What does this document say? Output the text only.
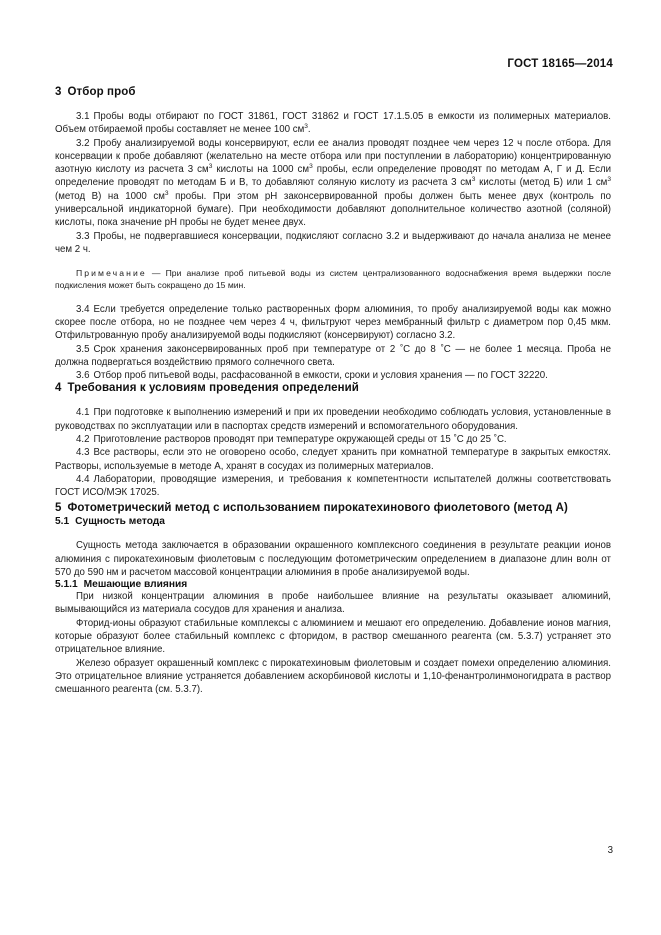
ГОСТ 18165—2014
3 Отбор проб

3.1 Пробы воды отбирают по ГОСТ 31861, ГОСТ 31862 и ГОСТ 17.1.5.05 в емкости из полимерных материалов. Объем отбираемой пробы составляет не менее 100 $см^3$.

3.2 Пробу анализируемой воды консервируют, если ее анализ проводят позднее чем через 12 ч после отбора. Для консервации к пробе добавляют (желательно на месте отбора или при поступлении в лабораторию) концентрированную азотную кислоту из расчета 3 $см^3$ кислоты на 1000 $см^3$ пробы, если определение проводят по методам А, Г и Д. Если определение проводят по методам Б и В, то добавляют соляную кислоту из расчета 3 $см^3$ кислоты (метод Б) или 1 $см^3$ (метод В) на 1000 $см^3$ пробы. При этом рН законсервированной пробы должен быть менее двух (контроль по универсальной индикаторной бумаге). При необходимости добавляют дополнительное количество азотной (соляной) кислоты, пока значение рН пробы не будет менее двух.

3.3 Пробы, не подвергавшиеся консервации, подкисляют согласно 3.2 и выдерживают до начала анализа не менее чем 2 ч.

Примечание — При анализе проб питьевой воды из систем централизованного водоснабжения время выдержки после подкисления может быть сокращено до 15 мин.

3.4 Если требуется определение только растворенных форм алюминия, то пробу анализируемой воды как можно скорее после отбора, но не позднее чем через 4 ч, фильтруют через мембранный фильтр с диаметром пор 0,45 мкм. Отфильтрованную пробу анализируемой воды подкисляют (консервируют) согласно 3.2.

3.5 Срок хранения законсервированных проб при температуре от 2 °С до 8 °С — не более 1 месяца. Проба не должна подвергаться воздействию прямого солнечного света.

3.6 Отбор проб питьевой воды, расфасованной в емкости, сроки и условия хранения — по ГОСТ 32220.

4 Требования к условиям проведения определений

4.1 При подготовке к выполнению измерений и при их проведении необходимо соблюдать условия, установленные в руководствах по эксплуатации или в паспортах средств измерений и вспомогательного оборудования.

4.2 Приготовление растворов проводят при температуре окружающей среды от 15 °С до 25 °С.

4.3 Все растворы, если это не оговорено особо, следует хранить при комнатной температуре в закрытых емкостях. Растворы, используемые в методе А, хранят в сосудах из полимерных материалов.

4.4 Лаборатории, проводящие измерения, и требования к компетентности испытателей должны соответствовать ГОСТ ИСО/МЭК 17025.

5 Фотометрический метод с использованием пирокатехинового фиолетового (метод А)
5.1 Сущность метода

Сущность метода заключается в образовании окрашенного комплексного соединения в результате реакции ионов алюминия с пирокатехиновым фиолетовым с последующим фотометрическим определением в диапазоне длин волн от 570 до 590 нм и расчетом массовой концентрации алюминия в пробе анализируемой воды.

5.1.1 Мешающие влияния

При низкой концентрации алюминия в пробе наибольшее влияние на результаты оказывает алюминий, вымывающийся из материала сосудов для хранения и анализа.

Фторид-ионы образуют стабильные комплексы с алюминием и мешают его определению. Добавление ионов магния, которые образуют более стабильный комплекс с фторидом, в раствор смешанного реагента (см. 5.3.7) устраняет это отрицательное влияние.

Железо образует окрашенный комплекс с пирокатехиновым фиолетовым и создает помехи определению алюминия. Это отрицательное влияние устраняется добавлением аскорбиновой кислоты и 1,10-фенантролинмоногидрата в раствор смешанного реагента (см. 5.3.7).

3
